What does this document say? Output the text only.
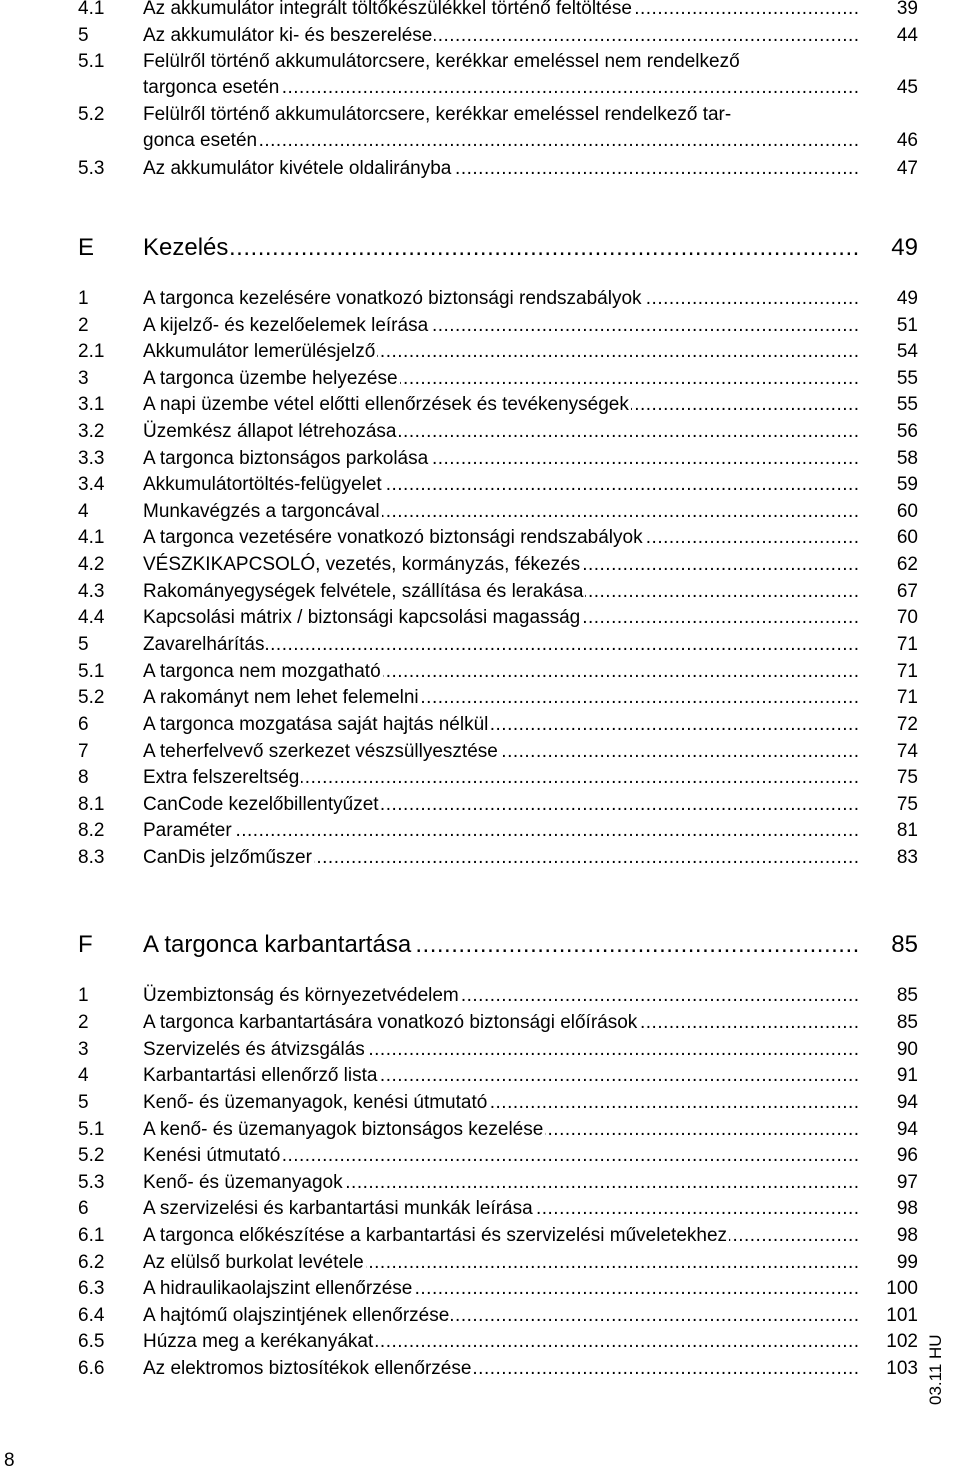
4.1 Az akkumulátor integrált töltőkészülékkel történő feltöltése .....	39
5	Az akkumulátor ki- és beszerelése .....	44
5.1 Felülről történő akkumulátorcsere, kerékkar emeléssel nem rendelkező
targonca esetén .....	45
5.2 Felülről történő akkumulátorcsere, kerékkar emeléssel rendelkező tar-
gonca esetén .....	46
5.3 Az akkumulátor kivétele oldalirányba .....	47
E Kezelés .....	49
1	A targonca kezelésére vonatkozó biztonsági rendszabályok .....	49
2	A kijelző- és kezelőelemek leírása .....	51
2.1 Akkumulátor lemerülésjelző .....	54
3	A targonca üzembe helyezése .....	55
3.1 A napi üzembe vétel előtti ellenőrzések és tevékenységek .....	55
3.2 Üzemkész állapot létrehozása .....	56
3.3 A targonca biztonságos parkolása .....	58
3.4 Akkumulátortöltés-felügyelet .....	59
4	Munkavégzés a targoncával .....	60
4.1 A targonca vezetésére vonatkozó biztonsági rendszabályok .....	60
4.2 VÉSZKIKAPCSOLÓ, vezetés, kormányzás, fékezés .....	62
4.3 Rakományegységek felvétele, szállítása és lerakása .....	67
4.4 Kapcsolási mátrix / biztonsági kapcsolási magasság .....	70
5	Zavarelhárítás .....	71
5.1 A targonca nem mozgatható .....	71
5.2 A rakományt nem lehet felemelni .....	71
6	A targonca mozgatása saját hajtás nélkül .....	72
7	A teherfelvevő szerkezet vészsüllyesztése .....	74
8	Extra felszereltség .....	75
8.1 CanCode kezelőbillentyűzet .....	75
8.2 Paraméter .....	81
8.3 CanDis jelzőműszer .....	83
F A targonca karbantartása .....	85
1	Üzembiztonság és környezetvédelem .....	85
2	A targonca karbantartására vonatkozó biztonsági előírások .....	85
3	Szervizelés és átvizsgálás .....	90
4	Karbantartási ellenőrző lista .....	91
5	Kenő- és üzemanyagok, kenési útmutató .....	94
5.1 A kenő- és üzemanyagok biztonságos kezelése .....	94
5.2 Kenési útmutató .....	96
5.3 Kenő- és üzemanyagok .....	97
6	A szervizelési és karbantartási munkák leírása .....	98
6.1 A targonca előkészítése a karbantartási és szervizelési műveletekhez .....	98
6.2 Az elülső burkolat levétele .....	99
6.3 A hidraulikaolajszint ellenőrzése .....	100
6.4 A hajtómű olajszintjének ellenőrzése .....	101
6.5 Húzza meg a kerékanyákat .....	102
6.6 Az elektromos biztosítékok ellenőrzése .....	103 03.11 HU
8
